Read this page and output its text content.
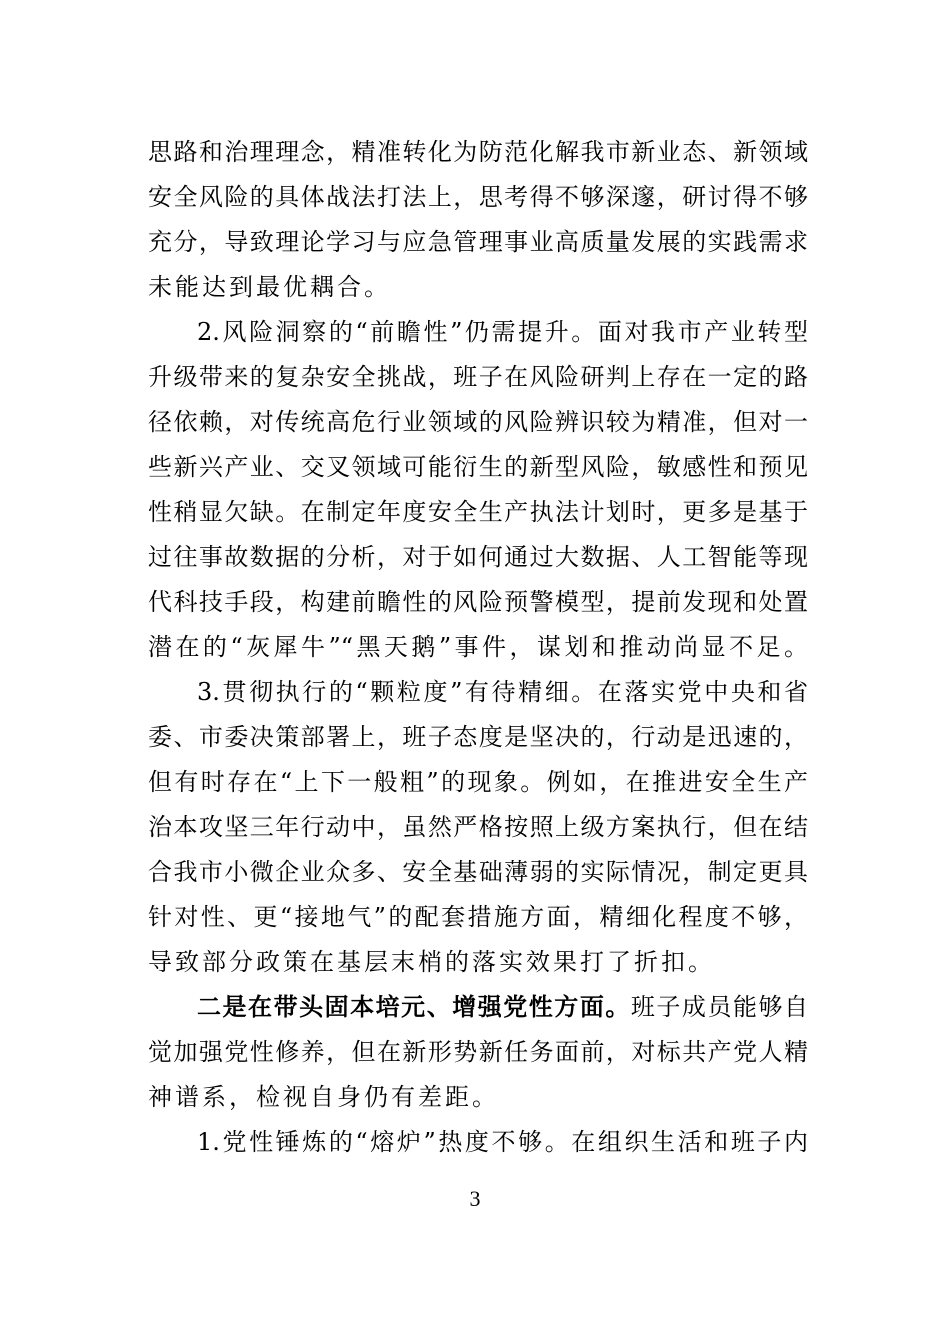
思路和治理理念，精准转化为防范化解我市新业态、新领域
安全风险的具体战法打法上，思考得不够深邃，研讨得不够
充分，导致理论学习与应急管理事业高质量发展的实践需求
未能达到最优耦合。
2.风险洞察的“前瞻性”仍需提升。面对我市产业转型
升级带来的复杂安全挑战，班子在风险研判上存在一定的路
径依赖，对传统高危行业领域的风险辨识较为精准，但对一
些新兴产业、交叉领域可能衍生的新型风险，敏感性和预见
性稍显欠缺。在制定年度安全生产执法计划时，更多是基于
过往事故数据的分析，对于如何通过大数据、人工智能等现
代科技手段，构建前瞻性的风险预警模型，提前发现和处置
潜在的“灰犀牛”“黑天鹅”事件，谋划和推动尚显不足。
3.贯彻执行的“颗粒度”有待精细。在落实党中央和省
委、市委决策部署上，班子态度是坚决的，行动是迅速的，
但有时存在“上下一般粗”的现象。例如，在推进安全生产
治本攻坚三年行动中，虽然严格按照上级方案执行，但在结
合我市小微企业众多、安全基础薄弱的实际情况，制定更具
针对性、更“接地气”的配套措施方面，精细化程度不够，
导致部分政策在基层末梢的落实效果打了折扣。
二是在带头固本培元、增强党性方面。班子成员能够自
觉加强党性修养，但在新形势新任务面前，对标共产党人精
神谱系，检视自身仍有差距。
1.党性锤炼的“熔炉”热度不够。在组织生活和班子内
3
